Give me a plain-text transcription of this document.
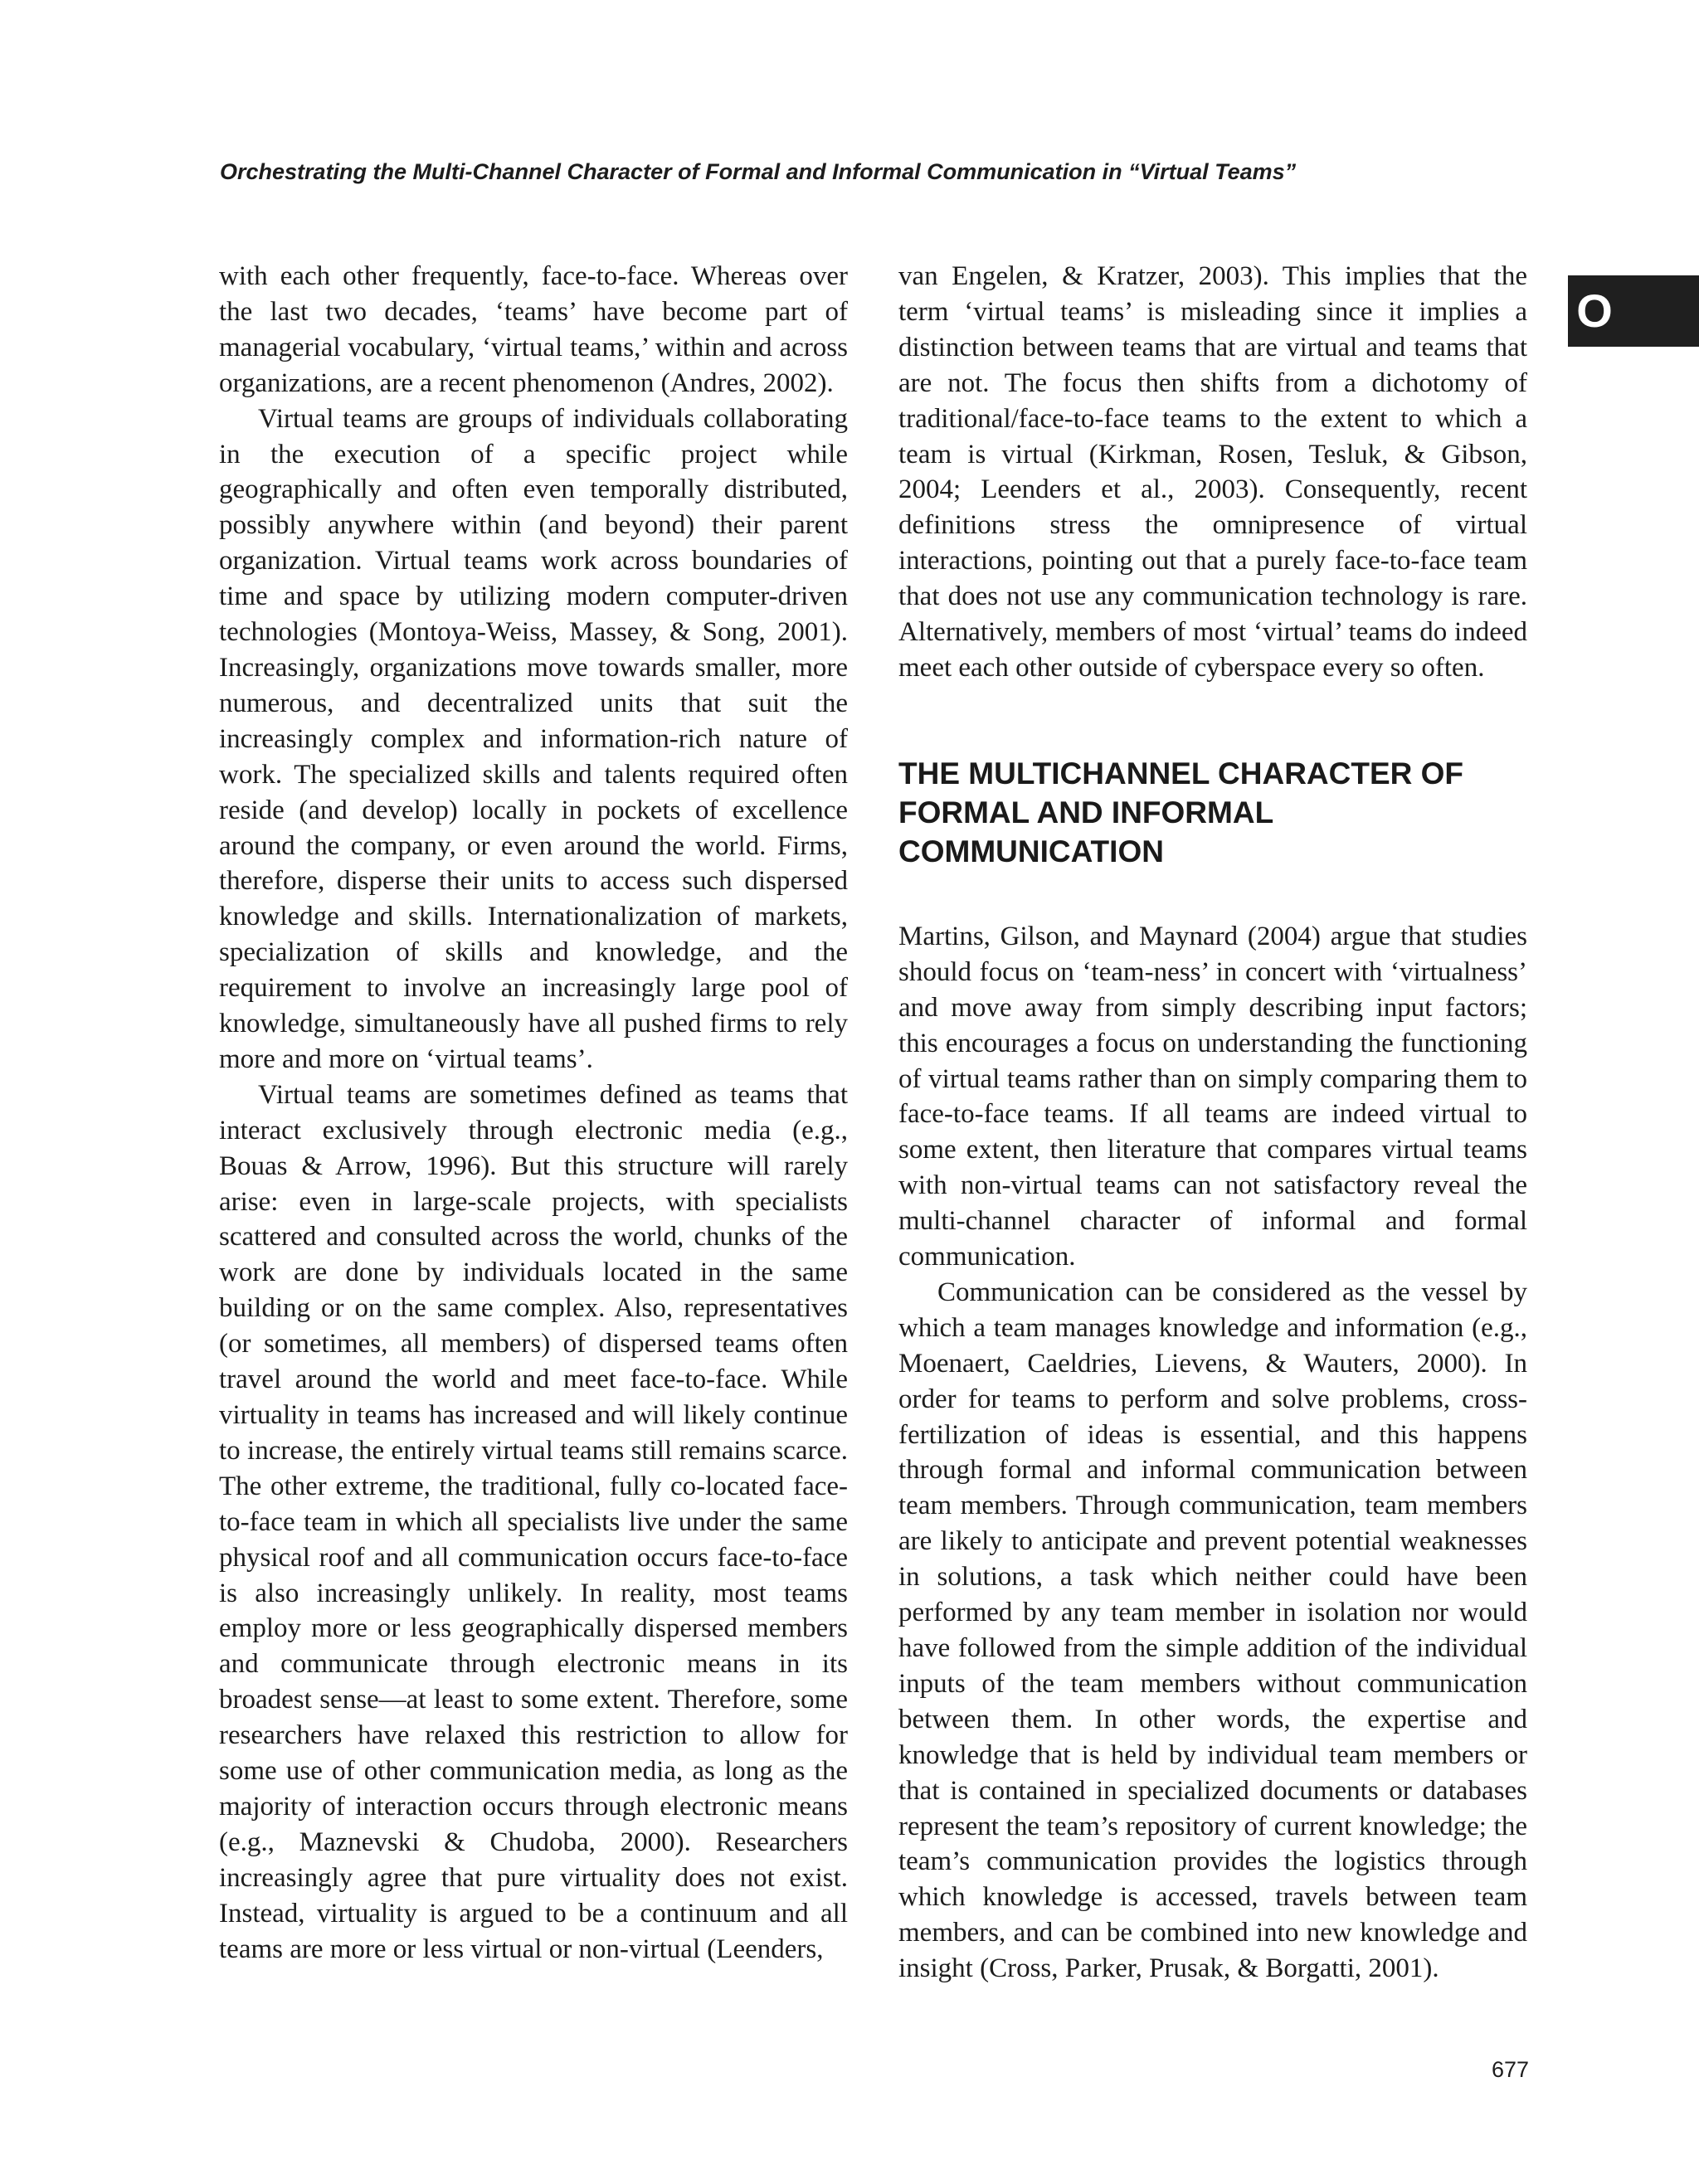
Orchestrating the Multi-Channel Character of Formal and Informal Communication in “Virtual Teams”
O

with each other frequently, face-to-face. Whereas over the last two decades, ‘teams’ have become part of managerial vocabulary, ‘virtual teams,’ within and across organizations, are a recent phenomenon (Andres, 2002).

Virtual teams are groups of individuals collaborating in the execution of a specific project while geographically and often even temporally distributed, possibly anywhere within (and beyond) their parent organization. Virtual teams work across boundaries of time and space by utilizing modern computer-driven technologies (Montoya-Weiss, Massey, & Song, 2001). Increasingly, organizations move towards smaller, more numerous, and decentralized units that suit the increasingly complex and information-rich nature of work. The specialized skills and talents required often reside (and develop) locally in pockets of excellence around the company, or even around the world. Firms, therefore, disperse their units to access such dispersed knowledge and skills. Internationalization of markets, specialization of skills and knowledge, and the requirement to involve an increasingly large pool of knowledge, simultaneously have all pushed firms to rely more and more on ‘virtual teams’.

Virtual teams are sometimes defined as teams that interact exclusively through electronic media (e.g., Bouas & Arrow, 1996). But this structure will rarely arise: even in large-scale projects, with specialists scattered and consulted across the world, chunks of the work are done by individuals located in the same building or on the same complex. Also, representatives (or sometimes, all members) of dispersed teams often travel around the world and meet face-to-face. While virtuality in teams has increased and will likely continue to increase, the entirely virtual teams still remains scarce. The other extreme, the traditional, fully co-located face-to-face team in which all specialists live under the same physical roof and all communication occurs face-to-face is also increasingly unlikely. In reality, most teams employ more or less geographically dispersed members and communicate through electronic means in its broadest sense—at least to some extent. Therefore, some researchers have relaxed this restriction to allow for some use of other communication media, as long as the majority of interaction occurs through electronic means (e.g., Maznevski & Chudoba, 2000). Researchers increasingly agree that pure virtuality does not exist. Instead, virtuality is argued to be a continuum and all teams are more or less virtual or non-virtual (Leenders,

van Engelen, & Kratzer, 2003). This implies that the term ‘virtual teams’ is misleading since it implies a distinction between teams that are virtual and teams that are not. The focus then shifts from a dichotomy of traditional/face-to-face teams to the extent to which a team is virtual (Kirkman, Rosen, Tesluk, & Gibson, 2004; Leenders et al., 2003). Consequently, recent definitions stress the omnipresence of virtual interactions, pointing out that a purely face-to-face team that does not use any communication technology is rare. Alternatively, members of most ‘virtual’ teams do indeed meet each other outside of cyberspace every so often.

THE MULTICHANNEL CHARACTER OF FORMAL AND INFORMAL COMMUNICATION

Martins, Gilson, and Maynard (2004) argue that studies should focus on ‘team-ness’ in concert with ‘virtualness’ and move away from simply describing input factors; this encourages a focus on understanding the functioning of virtual teams rather than on simply comparing them to face-to-face teams. If all teams are indeed virtual to some extent, then literature that compares virtual teams with non-virtual teams can not satisfactory reveal the multi-channel character of informal and formal communication.

Communication can be considered as the vessel by which a team manages knowledge and information (e.g., Moenaert, Caeldries, Lievens, & Wauters, 2000). In order for teams to perform and solve problems, cross-fertilization of ideas is essential, and this happens through formal and informal communication between team members. Through communication, team members are likely to anticipate and prevent potential weaknesses in solutions, a task which neither could have been performed by any team member in isolation nor would have followed from the simple addition of the individual inputs of the team members without communication between them. In other words, the expertise and knowledge that is held by individual team members or that is contained in specialized documents or databases represent the team’s repository of current knowledge; the team’s communication provides the logistics through which knowledge is accessed, travels between team members, and can be combined into new knowledge and insight (Cross, Parker, Prusak, & Borgatti, 2001).

677
